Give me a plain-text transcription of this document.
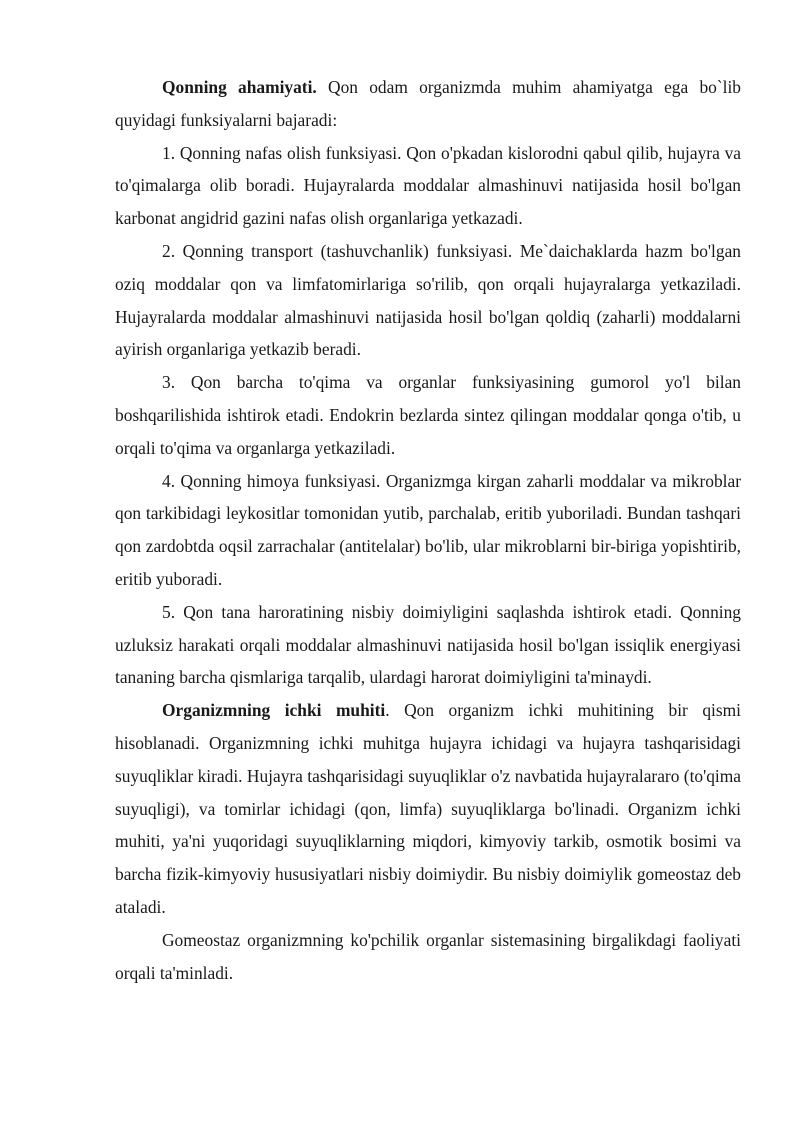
Qonning ahamiyati. Qon odam organizmda muhim ahamiyatga ega bo`lib quyidagi funksiyalarni bajaradi:

1. Qonning nafas olish funksiyasi. Qon o'pkadan kislorodni qabul qilib, hujayra va to'qimalarga olib boradi. Hujayralarda moddalar almashinuvi natijasida hosil bo'lgan karbonat angidrid gazini nafas olish organlariga yetkazadi.

2. Qonning transport (tashuvchanlik) funksiyasi. Me`daichaklarda hazm bo'lgan oziq moddalar qon va limfatomirlariga so'rilib, qon orqali hujayralarga yetkaziladi. Hujayralarda moddalar almashinuvi natijasida hosil bo'lgan qoldiq (zaharli) moddalarni ayirish organlariga yetkazib beradi.

3. Qon barcha to'qima va organlar funksiyasining gumorol yo'l bilan boshqarilishida ishtirok etadi. Endokrin bezlarda sintez qilingan moddalar qonga o'tib, u orqali to'qima va organlarga yetkaziladi.

4. Qonning himoya funksiyasi. Organizmga kirgan zaharli moddalar va mikroblar qon tarkibidagi leykositlar tomonidan yutib, parchalab, eritib yuboriladi. Bundan tashqari qon zardobtda oqsil zarrachalar (antitelalar) bo'lib, ular mikroblarni bir-biriga yopishtirib, eritib yuboradi.

5. Qon tana haroratining nisbiy doimiyligini saqlashda ishtirok etadi. Qonning uzluksiz harakati orqali moddalar almashinuvi natijasida hosil bo'lgan issiqlik energiyasi tananing barcha qismlariga tarqalib, ulardagi harorat doimiyligini ta'minaydi.

Organizmning ichki muhiti. Qon organizm ichki muhitining bir qismi hisoblanadi. Organizmning ichki muhitga hujayra ichidagi va hujayra tashqarisidagi suyuqliklar kiradi. Hujayra tashqarisidagi suyuqliklar o'z navbatida hujayralararo (to'qima suyuqligi), va tomirlar ichidagi (qon, limfa) suyuqliklarga bo'linadi. Organizm ichki muhiti, ya'ni yuqoridagi suyuqliklarning miqdori, kimyoviy tarkib, osmotik bosimi va barcha fizik-kimyoviy hususiyatlari nisbiy doimiydir. Bu nisbiy doimiylik gomeostaz deb ataladi.

Gomeostaz organizmning ko'pchilik organlar sistemasining birgalikdagi faoliyati orqali ta'minladi.
